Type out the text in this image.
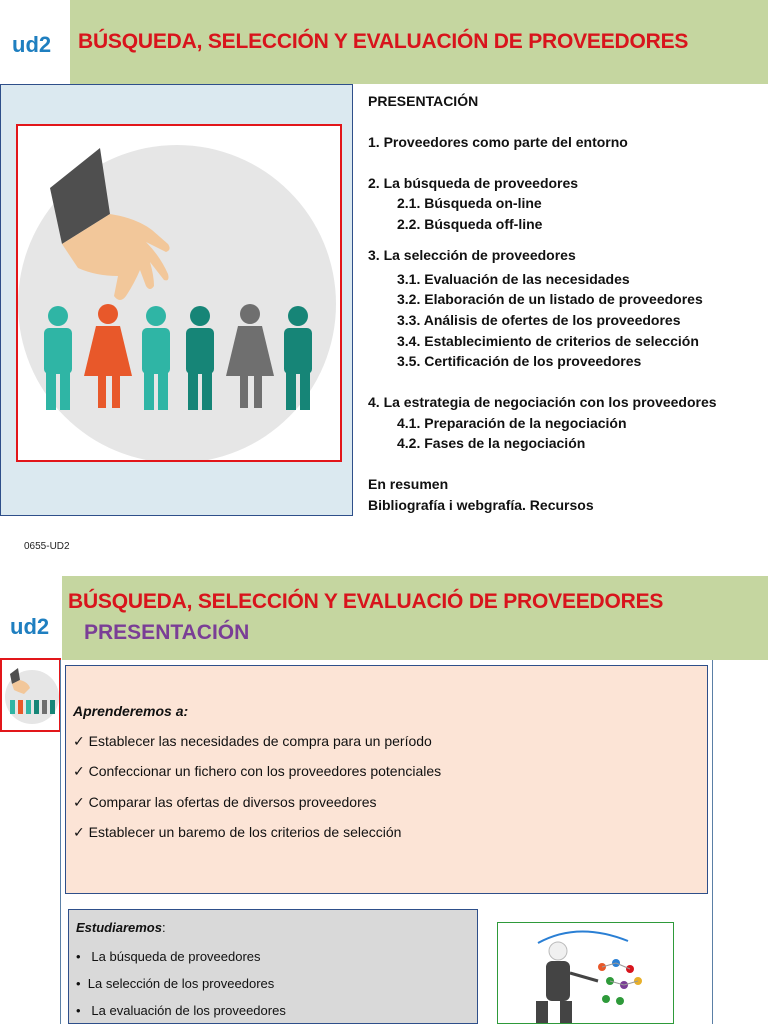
ud2 BÚSQUEDA, SELECCIÓN Y EVALUACIÓN DE PROVEEDORES
PRESENTACIÓN
1. Proveedores como parte del entorno
2. La búsqueda de proveedores
2.1. Búsqueda on-line
2.2. Búsqueda off-line
3. La selección de proveedores
3.1. Evaluación de las necesidades
3.2. Elaboración de un listado de proveedores
3.3. Análisis de ofertes de los proveedores
3.4. Establecimiento de criterios de selección
3.5. Certificación de los proveedores
4. La estrategia de negociación con los proveedores
4.1. Preparación de la negociación
4.2. Fases de la negociación
En resumen
Bibliografía i webgrafía. Recursos
0655-UD2
ud2
BÚSQUEDA, SELECCIÓN Y EVALUACIÓ DE PROVEEDORES
PRESENTACIÓN
Aprenderemos a:
✓ Establecer las necesidades de compra para un período
✓ Confeccionar un fichero con los proveedores potenciales
✓ Comparar las ofertas de diversos proveedores
✓ Establecer un baremo de los criterios de selección
Estudiaremos:
• La búsqueda de proveedores
• La selección de los proveedores
• La evaluación de los proveedores
